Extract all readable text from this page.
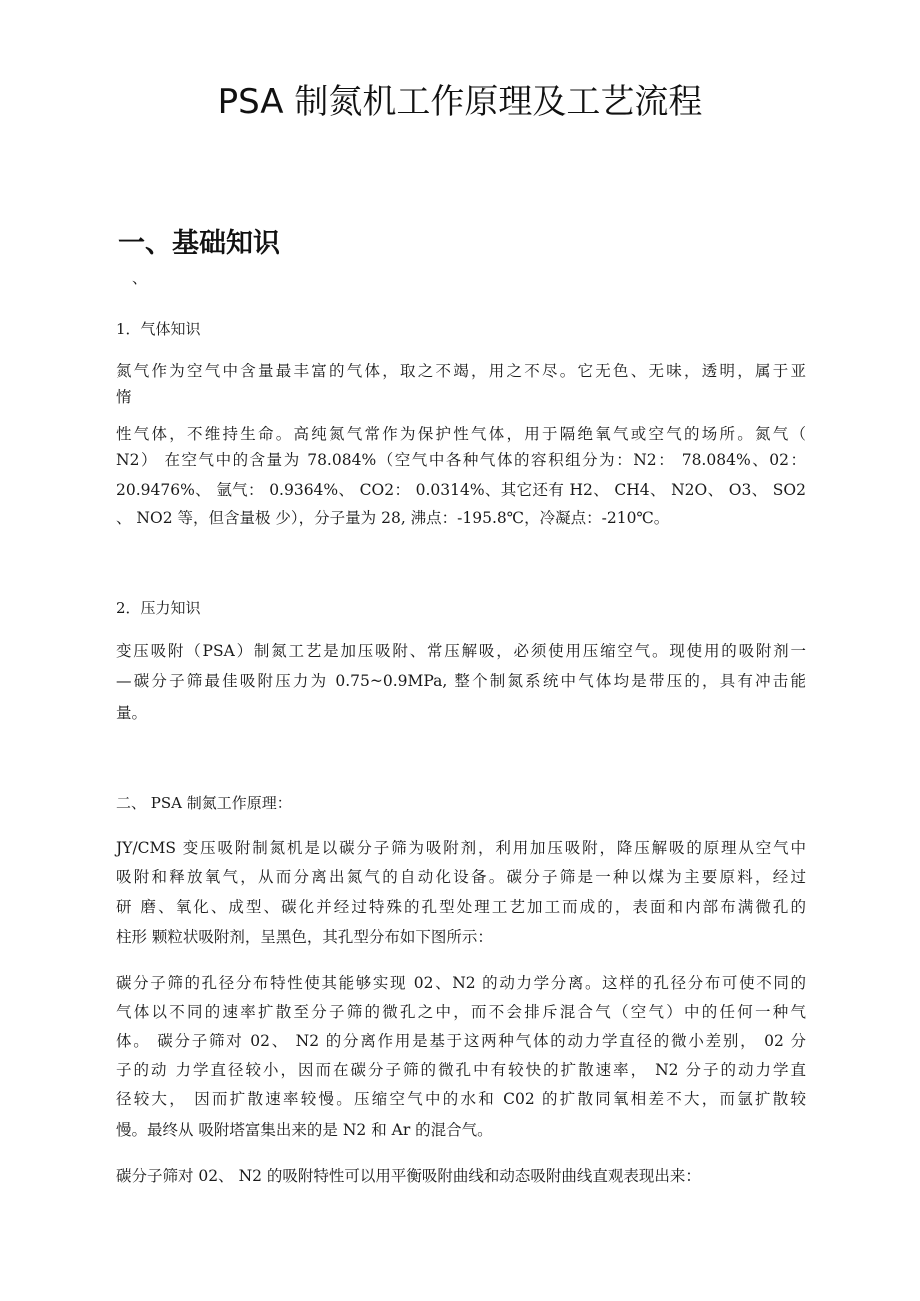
PSA 制氮机工作原理及工艺流程
一、基础知识
、
1．气体知识
氮气作为空气中含量最丰富的气体，取之不竭，用之不尽。它无色、无味，透明，属于亚
惰
性气体，不维持生命。高纯氮气常作为保护性气体，用于隔绝氧气或空气的场所。氮气（
N2） 在空气中的含量为 78.084%（空气中各种气体的容积组分为：N2： 78.084%、02：
20.9476%、 氩气： 0.9364%、 CO2： 0.0314%、其它还有 H2、 CH4、 N2O、 O3、 SO2
、 NO2 等，但含量极 少），分子量为 28, 沸点：-195.8℃，冷凝点：-210℃。
2．压力知识
变压吸附（PSA）制氮工艺是加压吸附、常压解吸，必须使用压缩空气。现使用的吸附剂一
—碳分子筛最佳吸附压力为 0.75~0.9MPa, 整个制氮系统中气体均是带压的，具有冲击能
量。
二、 PSA 制氮工作原理：
JY/CMS 变压吸附制氮机是以碳分子筛为吸附剂，利用加压吸附，降压解吸的原理从空气中
吸附和释放氧气，从而分离出氮气的自动化设备。碳分子筛是一种以煤为主要原料，经过
研 磨、氧化、成型、碳化并经过特殊的孔型处理工艺加工而成的，表面和内部布满微孔的
柱形 颗粒状吸附剂，呈黑色，其孔型分布如下图所示：
碳分子筛的孔径分布特性使其能够实现 02、N2 的动力学分离。这样的孔径分布可使不同的
气体以不同的速率扩散至分子筛的微孔之中，而不会排斥混合气（空气）中的任何一种气
体。 碳分子筛对 02、 N2 的分离作用是基于这两种气体的动力学直径的微小差别， 02 分
子的动 力学直径较小，因而在碳分子筛的微孔中有较快的扩散速率， N2 分子的动力学直
径较大， 因而扩散速率较慢。压缩空气中的水和 C02 的扩散同氧相差不大，而氩扩散较
慢。最终从 吸附塔富集出来的是 N2 和 Ar 的混合气。
碳分子筛对 02、 N2 的吸附特性可以用平衡吸附曲线和动态吸附曲线直观表现出来：
